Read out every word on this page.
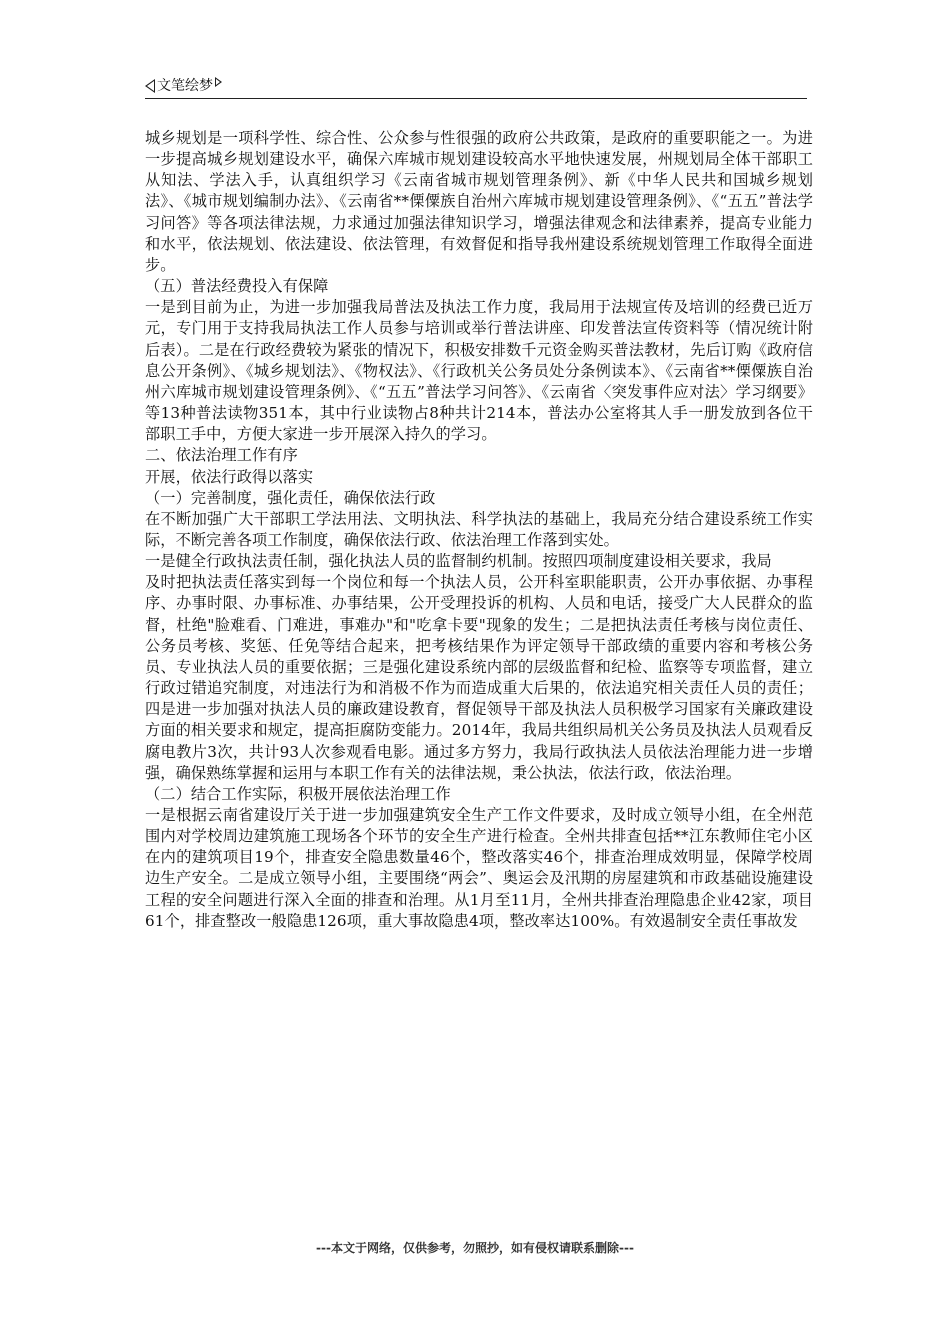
文笔绘梦

城乡规划是一项科学性、综合性、公众参与性很强的政府公共政策，是政府的重要职能之一。为进一步提高城乡规划建设水平，确保六库城市规划建设较高水平地快速发展，州规划局全体干部职工从知法、学法入手，认真组织学习《云南省城市规划管理条例》、新《中华人民共和国城乡规划法》、《城市规划编制办法》、《云南省**傈僳族自治州六库城市规划建设管理条例》、《“五五”普法学习问答》等各项法律法规，力求通过加强法律知识学习，增强法律观念和法律素养，提高专业能力和水平，依法规划、依法建设、依法管理，有效督促和指导我州建设系统规划管理工作取得全面进步。

（五）普法经费投入有保障

一是到目前为止，为进一步加强我局普法及执法工作力度，我局用于法规宣传及培训的经费已近万元，专门用于支持我局执法工作人员参与培训或举行普法讲座、印发普法宣传资料等（情况统计附后表）。二是在行政经费较为紧张的情况下，积极安排数千元资金购买普法教材，先后订购《政府信息公开条例》、《城乡规划法》、《物权法》、《行政机关公务员处分条例读本》、《云南省**傈僳族自治州六库城市规划建设管理条例》、《“五五”普法学习问答》、《云南省〈突发事件应对法〉学习纲要》等13种普法读物351本，其中行业读物占8种共计214本，普法办公室将其人手一册发放到各位干部职工手中，方便大家进一步开展深入持久的学习。

二、依法治理工作有序

开展，依法行政得以落实

（一）完善制度，强化责任，确保依法行政

在不断加强广大干部职工学法用法、文明执法、科学执法的基础上，我局充分结合建设系统工作实际，不断完善各项工作制度，确保依法行政、依法治理工作落到实处。

一是健全行政执法责任制，强化执法人员的监督制约机制。按照四项制度建设相关要求，我局

及时把执法责任落实到每一个岗位和每一个执法人员，公开科室职能职责，公开办事依据、办事程序、办事时限、办事标准、办事结果，公开受理投诉的机构、人员和电话，接受广大人民群众的监督，杜绝"脸难看、门难进，事难办"和"吃拿卡要"现象的发生；二是把执法责任考核与岗位责任、公务员考核、奖惩、任免等结合起来，把考核结果作为评定领导干部政绩的重要内容和考核公务员、专业执法人员的重要依据；三是强化建设系统内部的层级监督和纪检、监察等专项监督，建立行政过错追究制度，对违法行为和消极不作为而造成重大后果的，依法追究相关责任人员的责任；四是进一步加强对执法人员的廉政建设教育，督促领导干部及执法人员积极学习国家有关廉政建设方面的相关要求和规定，提高拒腐防变能力。2014年，我局共组织局机关公务员及执法人员观看反腐电教片3次，共计93人次参观看电影。通过多方努力，我局行政执法人员依法治理能力进一步增强，确保熟练掌握和运用与本职工作有关的法律法规，秉公执法，依法行政，依法治理。

（二）结合工作实际，积极开展依法治理工作

一是根据云南省建设厅关于进一步加强建筑安全生产工作文件要求，及时成立领导小组，在全州范围内对学校周边建筑施工现场各个环节的安全生产进行检查。全州共排查包括**江东教师住宅小区在内的建筑项目19个，排查安全隐患数量46个，整改落实46个，排查治理成效明显，保障学校周边生产安全。二是成立领导小组，主要围绕“两会”、奥运会及汛期的房屋建筑和市政基础设施建设工程的安全问题进行深入全面的排查和治理。从1月至11月，全州共排查治理隐患企业42家，项目61个，排查整改一般隐患126项，重大事故隐患4项，整改率达100%。有效遏制安全责任事故发

---本文于网络，仅供参考，勿照抄，如有侵权请联系删除---
